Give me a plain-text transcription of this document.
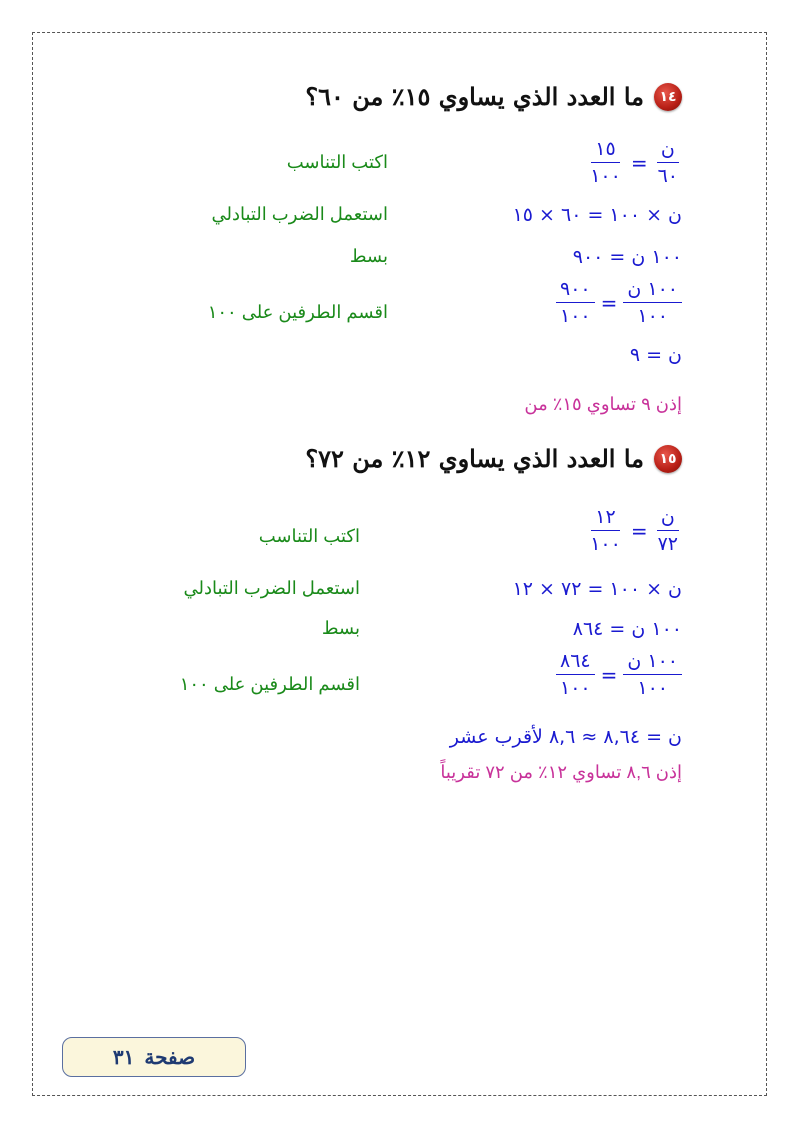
١٤
ما العدد الذي يساوي ١٥٪ من ٦٠؟
$\frac{\text{ن}}{٦٠}$
=
$\frac{١٥}{١٠٠}$
اكتب التناسب
ن × ١٠٠ = ٦٠ × ١٥
استعمل الضرب التبادلي
١٠٠ ن = ٩٠٠
بسط
$\frac{\text{١٠٠ ن}}{١٠٠}$
=
$\frac{٩٠٠}{١٠٠}$
اقسم الطرفين على ١٠٠
ن = ٩
إذن ٩ تساوي ١٥٪ من
١٥
ما العدد الذي يساوي ١٢٪ من ٧٢؟
$\frac{\text{ن}}{٧٢}$
=
$\frac{١٢}{١٠٠}$
اكتب التناسب
ن × ١٠٠ = ٧٢ × ١٢
استعمل الضرب التبادلي
١٠٠ ن = ٨٦٤
بسط
$\frac{\text{١٠٠ ن}}{١٠٠}$
=
$\frac{٨٦٤}{١٠٠}$
اقسم الطرفين على ١٠٠
ن = ٨,٦٤ ≈ ٨,٦ لأقرب عشر
إذن ٨,٦ تساوي ١٢٪ من ٧٢ تقريباً
صفحة
٣١
